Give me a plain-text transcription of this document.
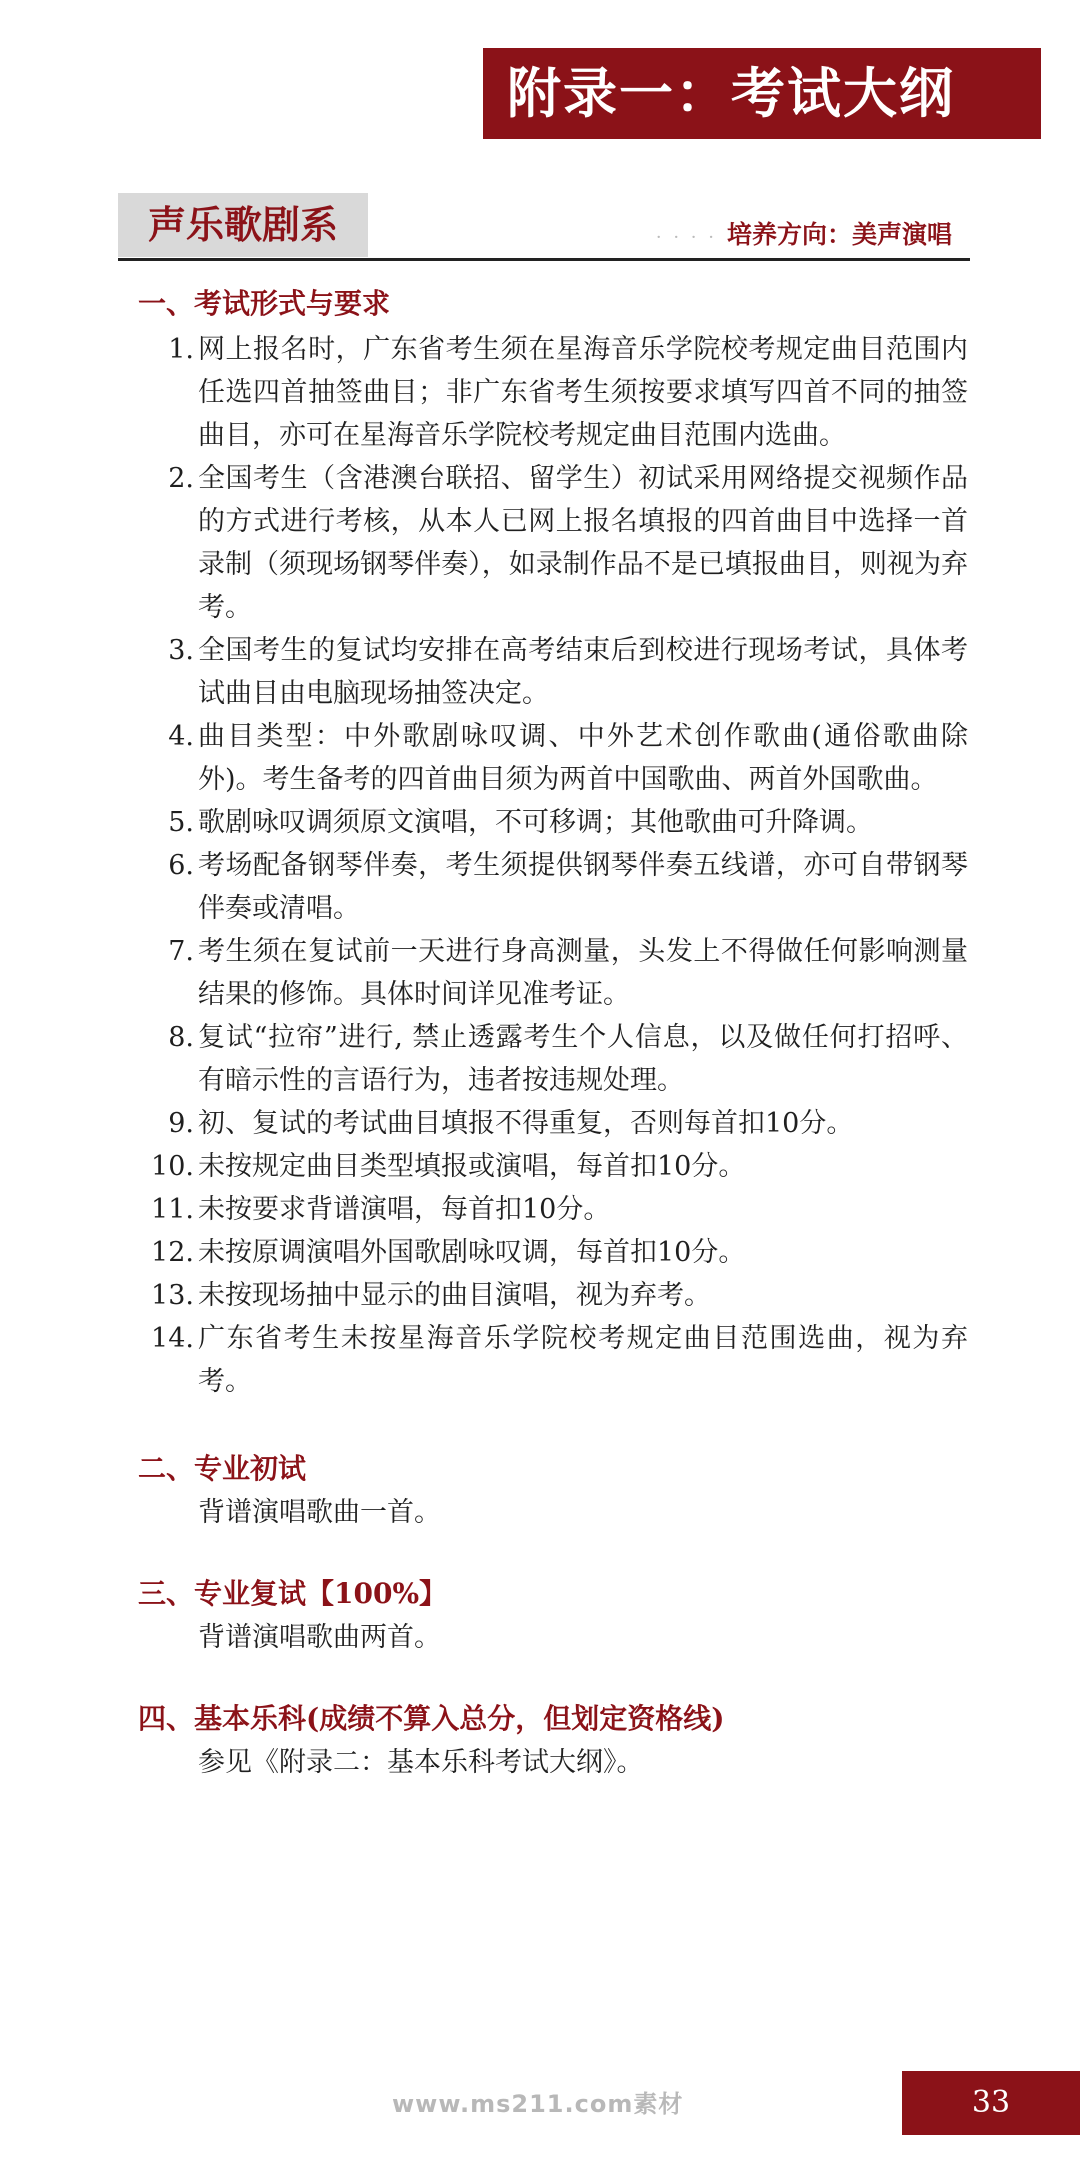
附录一：考试大纲
声乐歌剧系	· · · · 培养方向：美声演唱
一、考试形式与要求
1. 网上报名时，广东省考生须在星海音乐学院校考规定曲目范围内任选四首抽签曲目；非广东省考生须按要求填写四首不同的抽签曲目，亦可在星海音乐学院校考规定曲目范围内选曲。
2. 全国考生（含港澳台联招、留学生）初试采用网络提交视频作品的方式进行考核，从本人已网上报名填报的四首曲目中选择一首录制（须现场钢琴伴奏），如录制作品不是已填报曲目，则视为弃考。
3. 全国考生的复试均安排在高考结束后到校进行现场考试，具体考试曲目由电脑现场抽签决定。
4. 曲目类型：中外歌剧咏叹调、中外艺术创作歌曲(通俗歌曲除外)。考生备考的四首曲目须为两首中国歌曲、两首外国歌曲。
5. 歌剧咏叹调须原文演唱，不可移调；其他歌曲可升降调。
6. 考场配备钢琴伴奏，考生须提供钢琴伴奏五线谱，亦可自带钢琴伴奏或清唱。
7. 考生须在复试前一天进行身高测量，头发上不得做任何影响测量结果的修饰。具体时间详见准考证。
8. 复试“拉帘”进行, 禁止透露考生个人信息，以及做任何打招呼、有暗示性的言语行为，违者按违规处理。
9. 初、复试的考试曲目填报不得重复，否则每首扣10分。
10. 未按规定曲目类型填报或演唱，每首扣10分。
11. 未按要求背谱演唱，每首扣10分。
12. 未按原调演唱外国歌剧咏叹调，每首扣10分。
13. 未按现场抽中显示的曲目演唱，视为弃考。
14. 广东省考生未按星海音乐学院校考规定曲目范围选曲，视为弃考。
二、专业初试

背谱演唱歌曲一首。

三、专业复试【100%】

背谱演唱歌曲两首。

四、基本乐科(成绩不算入总分，但划定资格线)

参见《附录二：基本乐科考试大纲》。

www.ms211.com素材	33
